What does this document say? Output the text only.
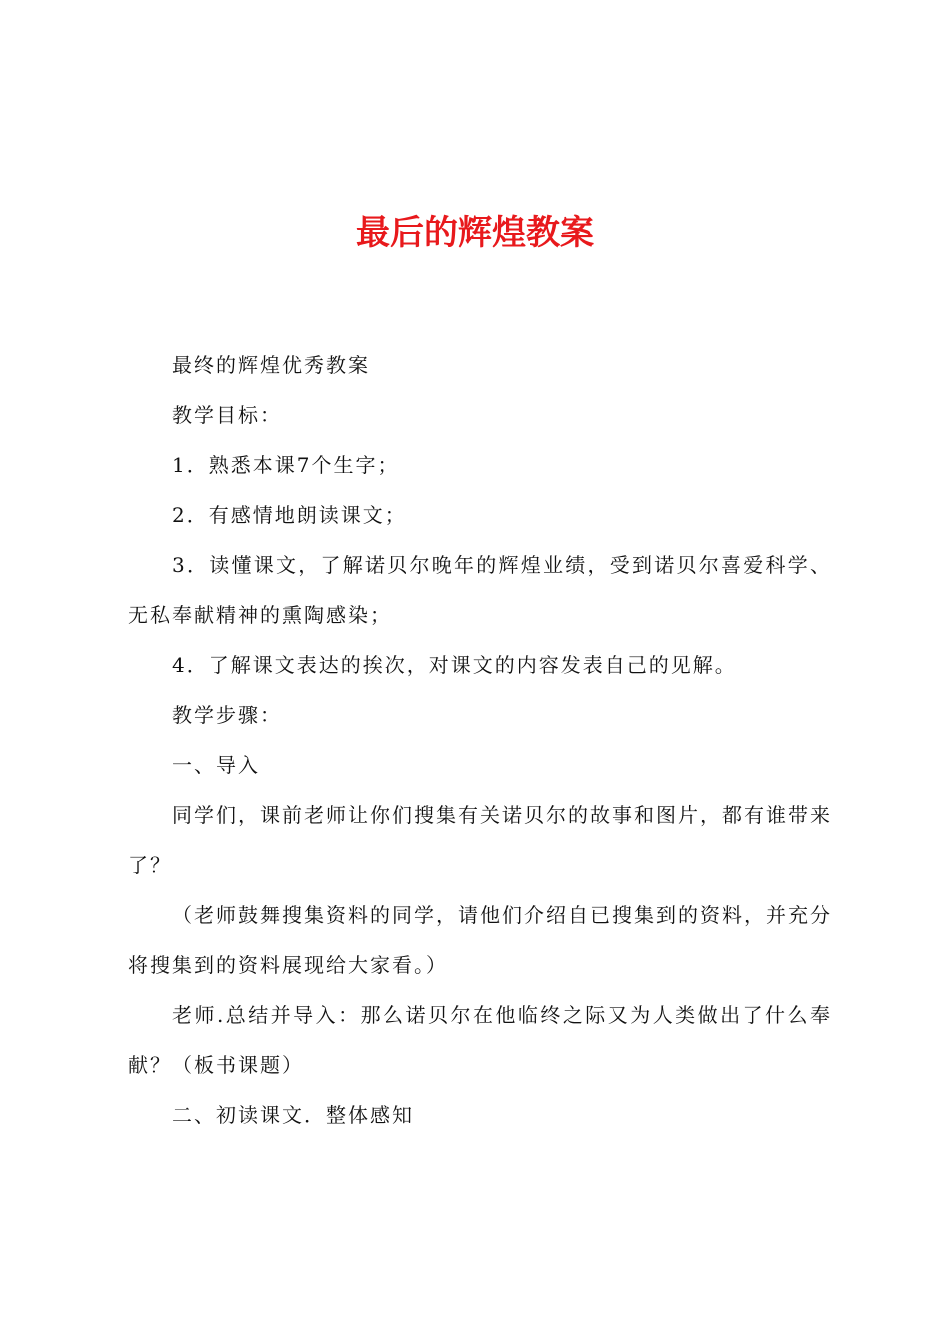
最后的辉煌教案

最终的辉煌优秀教案

教学目标：

1．熟悉本课7个生字；

2．有感情地朗读课文；

3．读懂课文，了解诺贝尔晚年的辉煌业绩，受到诺贝尔喜爱科学、无私奉献精神的熏陶感染；

4．了解课文表达的挨次，对课文的内容发表自己的见解。

教学步骤：

一、导入

同学们，课前老师让你们搜集有关诺贝尔的故事和图片，都有谁带来了？

（老师鼓舞搜集资料的同学，请他们介绍自已搜集到的资料，并充分将搜集到的资料展现给大家看。）

老师.总结并导入：那么诺贝尔在他临终之际又为人类做出了什么奉献？（板书课题）

二、初读课文．整体感知
